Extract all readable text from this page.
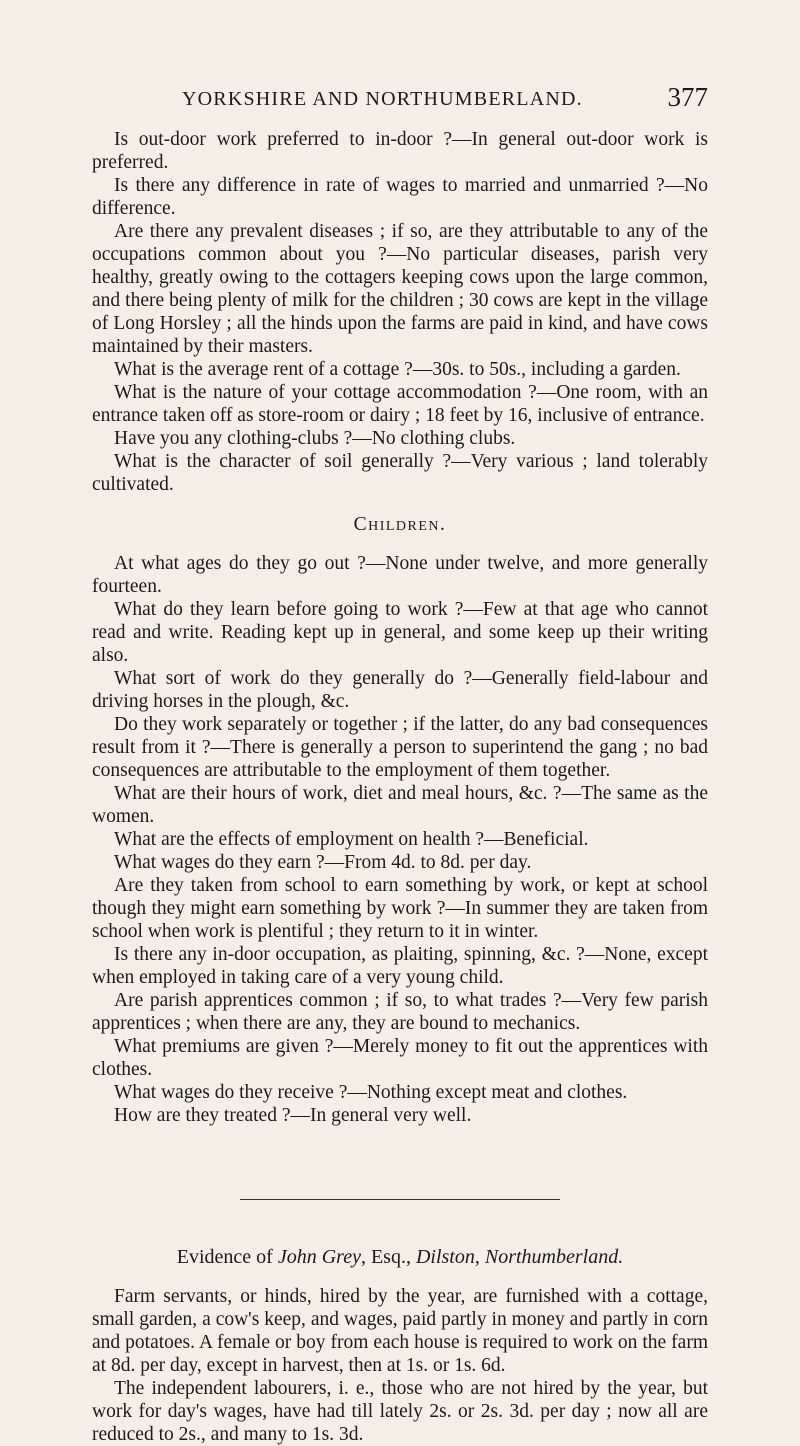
YORKSHIRE AND NORTHUMBERLAND.	377

Is out-door work preferred to in-door ?—In general out-door work is preferred.

Is there any difference in rate of wages to married and unmarried ?—No difference.

Are there any prevalent diseases ; if so, are they attributable to any of the occupations common about you ?—No particular diseases, parish very healthy, greatly owing to the cottagers keeping cows upon the large common, and there being plenty of milk for the children ; 30 cows are kept in the village of Long Horsley ; all the hinds upon the farms are paid in kind, and have cows maintained by their masters.

What is the average rent of a cottage ?—30s. to 50s., including a garden.

What is the nature of your cottage accommodation ?—One room, with an entrance taken off as store-room or dairy ; 18 feet by 16, inclusive of entrance.

Have you any clothing-clubs ?—No clothing clubs.

What is the character of soil generally ?—Very various ; land tolerably cultivated.

Children.

At what ages do they go out ?—None under twelve, and more generally fourteen.

What do they learn before going to work ?—Few at that age who cannot read and write. Reading kept up in general, and some keep up their writing also.

What sort of work do they generally do ?—Generally field-labour and driving horses in the plough, &c.

Do they work separately or together ; if the latter, do any bad consequences result from it ?—There is generally a person to superintend the gang ; no bad consequences are attributable to the employment of them together.

What are their hours of work, diet and meal hours, &c. ?—The same as the women.

What are the effects of employment on health ?—Beneficial.

What wages do they earn ?—From 4d. to 8d. per day.

Are they taken from school to earn something by work, or kept at school though they might earn something by work ?—In summer they are taken from school when work is plentiful ; they return to it in winter.

Is there any in-door occupation, as plaiting, spinning, &c. ?—None, except when employed in taking care of a very young child.

Are parish apprentices common ; if so, to what trades ?—Very few parish apprentices ; when there are any, they are bound to mechanics.

What premiums are given ?—Merely money to fit out the apprentices with clothes.

What wages do they receive ?—Nothing except meat and clothes.

How are they treated ?—In general very well.

Evidence of John Grey, Esq., Dilston, Northumberland.

Farm servants, or hinds, hired by the year, are furnished with a cottage, small garden, a cow's keep, and wages, paid partly in money and partly in corn and potatoes. A female or boy from each house is required to work on the farm at 8d. per day, except in harvest, then at 1s. or 1s. 6d.

The independent labourers, i. e., those who are not hired by the year, but work for day's wages, have had till lately 2s. or 2s. 3d. per day ; now all are reduced to 2s., and many to 1s. 3d.
